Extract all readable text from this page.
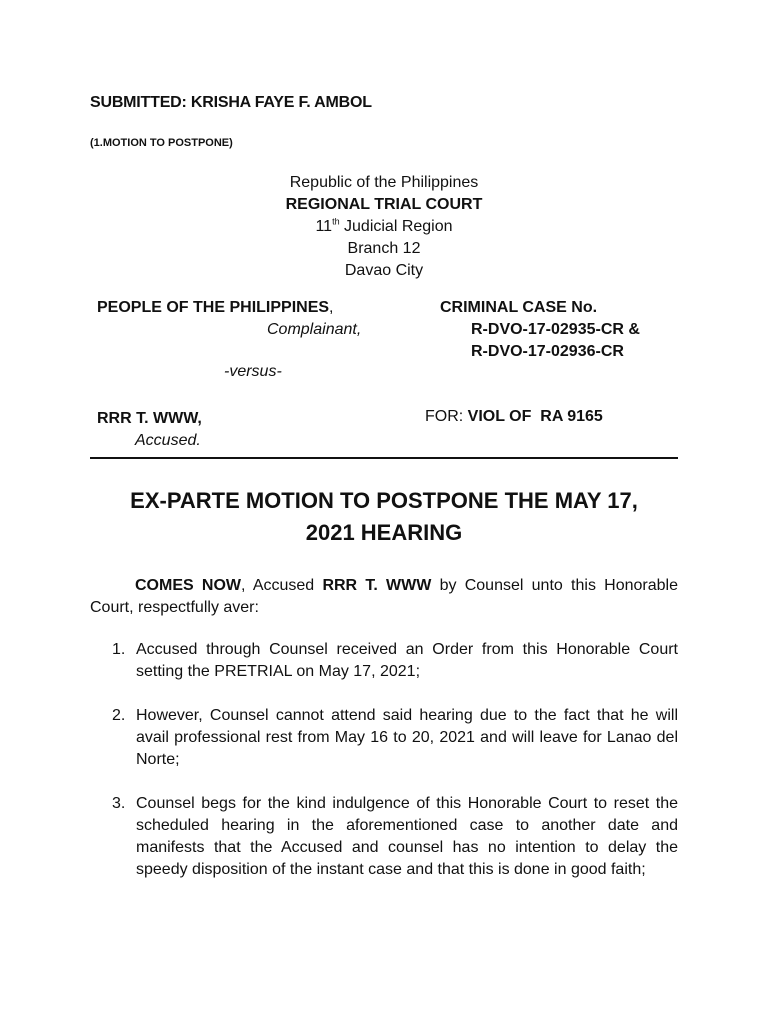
SUBMITTED: KRISHA FAYE F. AMBOL
(1.MOTION TO POSTPONE)
Republic of the Philippines
REGIONAL TRIAL COURT
11th Judicial Region
Branch 12
Davao City
PEOPLE OF THE PHILIPPINES,
Complainant,
CRIMINAL CASE No.
R-DVO-17-02935-CR &
R-DVO-17-02936-CR
-versus-
RRR T. WWW,
Accused.
FOR: VIOL OF  RA 9165
EX-PARTE MOTION TO POSTPONE THE MAY 17,
2021 HEARING
COMES NOW, Accused RRR T. WWW by Counsel unto this Honorable Court, respectfully aver:
1. Accused through Counsel received an Order from this Honorable Court setting the PRETRIAL on May 17, 2021;
2. However, Counsel cannot attend said hearing due to the fact that he will avail professional rest from May 16 to 20, 2021 and will leave for Lanao del Norte;
3. Counsel begs for the kind indulgence of this Honorable Court to reset the scheduled hearing in the aforementioned case to another date and manifests that the Accused and counsel has no intention to delay the speedy disposition of the instant case and that this is done in good faith;
